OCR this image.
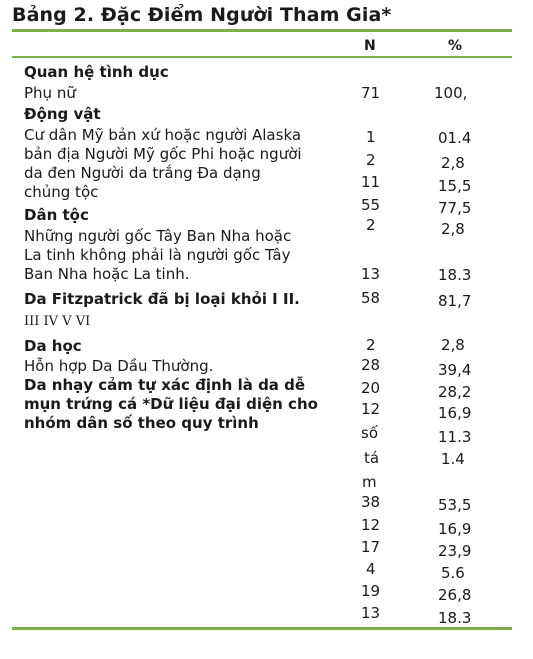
Bảng 2. Đặc Điểm Người Tham Gia*
N	%
Quan hệ tình dục
Phụ nữ
Động vật
Cư dân Mỹ bản xứ hoặc người Alaska
bản địa Người Mỹ gốc Phi hoặc người
da đen Người da trắng Đa dạng
chủng tộc
Dân tộc
Những người gốc Tây Ban Nha hoặc
La tinh không phải là người gốc Tây
Ban Nha hoặc La tinh.
Da Fitzpatrick đã bị loại khỏi I II.
III IV V VI
Da học
Hỗn hợp Da Dầu Thường.
Da nhạy cảm tự xác định là da dễ
mụn trứng cá *Dữ liệu đại diện cho
nhóm dân số theo quy trình
71
1
2
11
55
2
13
58
2
28
20
12
số
tá
m
38
12
17
4
19
13
100,
01.4
2,8
15,5
77,5
2,8
18.3
81,7
2,8
39,4
28,2
16,9
11.3
1.4
53,5
16,9
23,9
5.6
26,8
18.3
